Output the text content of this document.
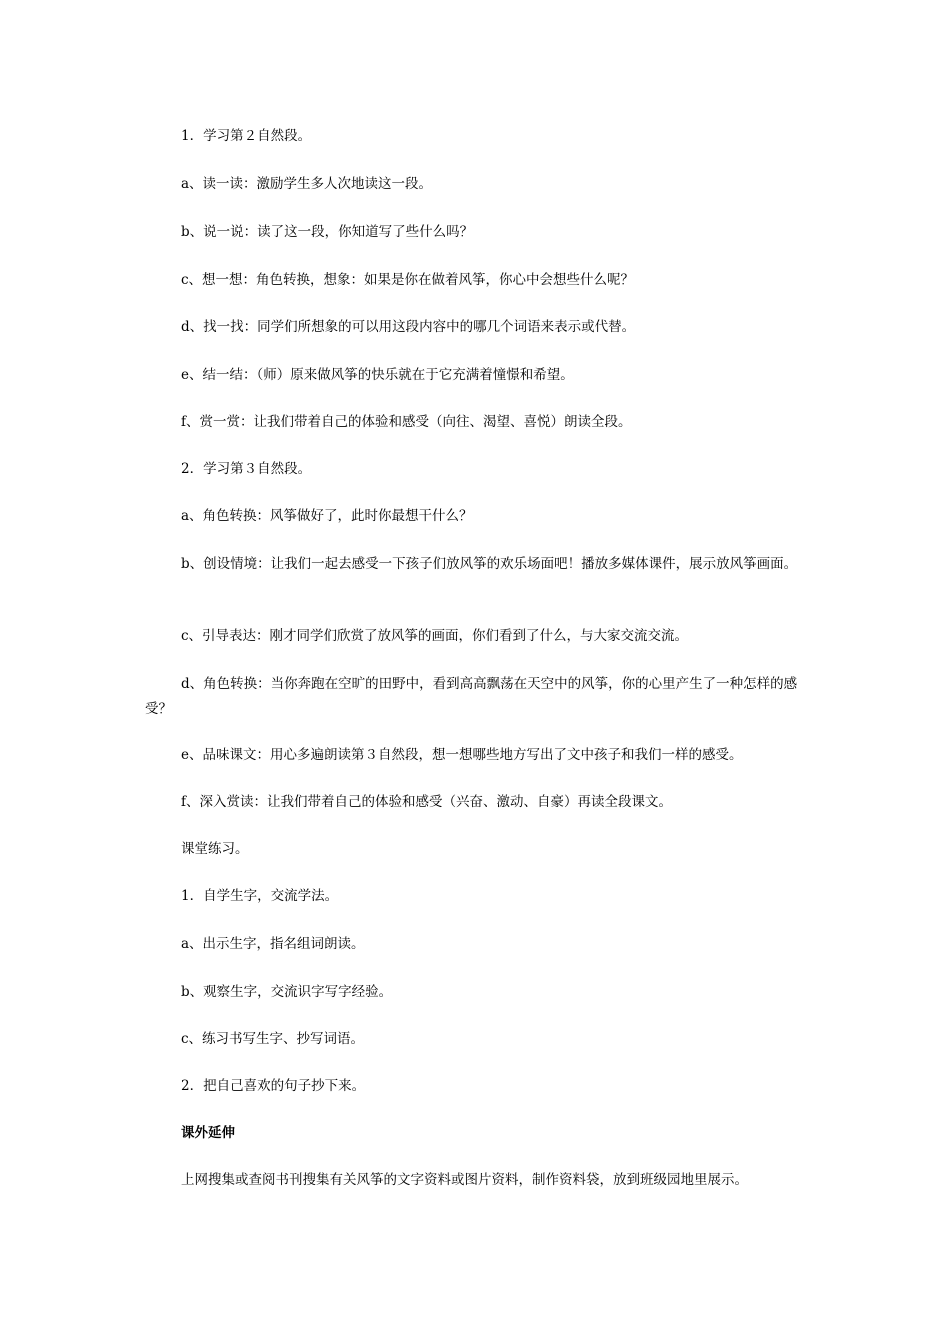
1．学习第２自然段。

a、读一读：激励学生多人次地读这一段。

b、说一说：读了这一段，你知道写了些什么吗？

c、想一想：角色转换，想象：如果是你在做着风筝，你心中会想些什么呢？

d、找一找：同学们所想象的可以用这段内容中的哪几个词语来表示或代替。

e、结一结：（师）原来做风筝的快乐就在于它充满着憧憬和希望。

f、赏一赏：让我们带着自己的体验和感受（向往、渴望、喜悦）朗读全段。

2．学习第３自然段。

a、角色转换：风筝做好了，此时你最想干什么？

b、创设情境：让我们一起去感受一下孩子们放风筝的欢乐场面吧！播放多媒体课件，展示放风筝画面。

c、引导表达：刚才同学们欣赏了放风筝的画面，你们看到了什么，与大家交流交流。

d、角色转换：当你奔跑在空旷的田野中，看到高高飘荡在天空中的风筝，你的心里产生了一种怎样的感受？

e、品味课文：用心多遍朗读第３自然段，想一想哪些地方写出了文中孩子和我们一样的感受。

f、深入赏读：让我们带着自己的体验和感受（兴奋、激动、自豪）再读全段课文。

课堂练习。

1．自学生字，交流学法。

a、出示生字，指名组词朗读。

b、观察生字，交流识字写字经验。

c、练习书写生字、抄写词语。

2．把自己喜欢的句子抄下来。

课外延伸

上网搜集或查阅书刊搜集有关风筝的文字资料或图片资料，制作资料袋，放到班级园地里展示。
